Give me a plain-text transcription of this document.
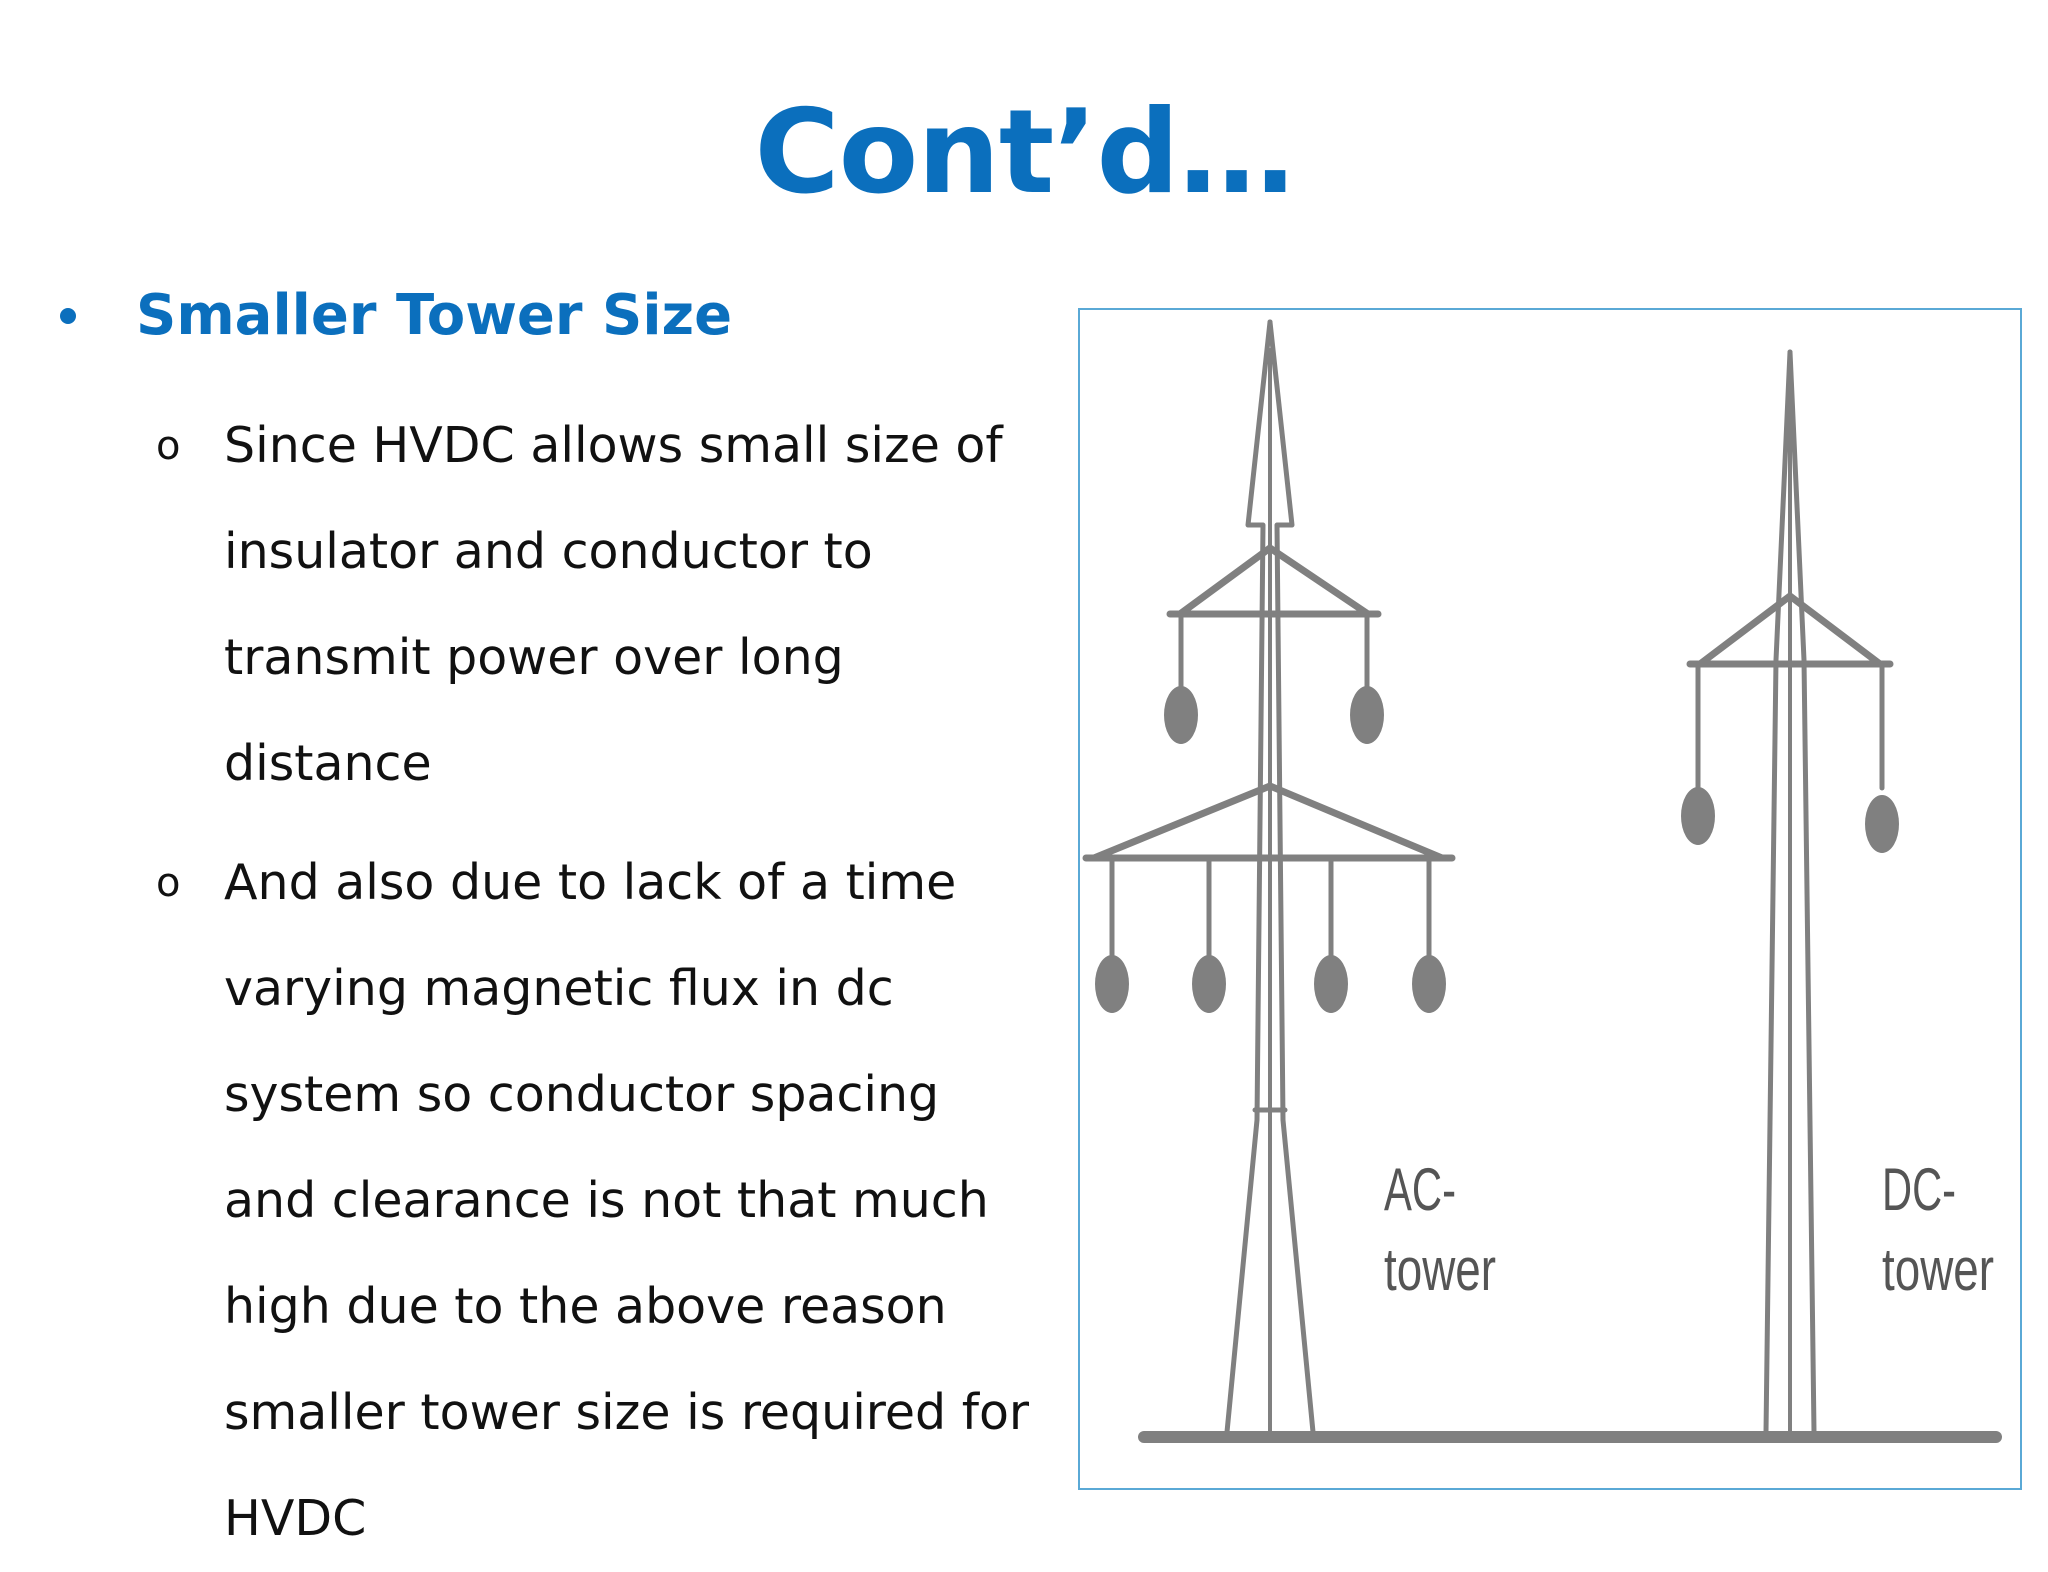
Cont’d…
Smaller Tower Size
o Since HVDC allows small size of insulator and conductor to transmit power over long distance
o And also due to lack of a time varying magnetic flux in dc system so conductor spacing and clearance is not that much high due to the above reason smaller tower size is required for HVDC
AC-
tower
DC-
tower
